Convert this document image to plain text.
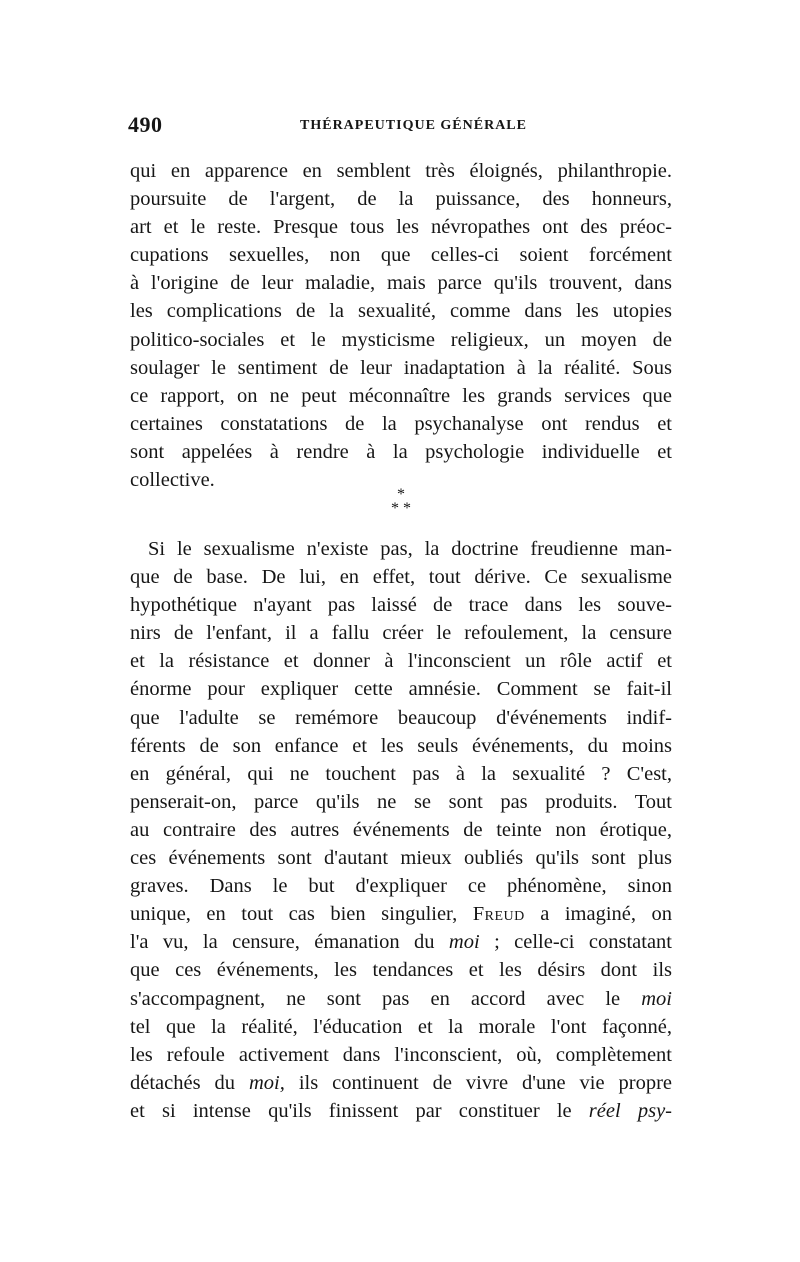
490	THÉRAPEUTIQUE GÉNÉRALE
qui en apparence en semblent très éloignés, philanthropie.
poursuite de l'argent, de la puissance, des honneurs,
art et le reste. Presque tous les névropathes ont des préoc-
cupations sexuelles, non que celles-ci soient forcément
à l'origine de leur maladie, mais parce qu'ils trouvent, dans
les complications de la sexualité, comme dans les utopies
politico-sociales et le mysticisme religieux, un moyen de
soulager le sentiment de leur inadaptation à la réalité. Sous
ce rapport, on ne peut méconnaître les grands services que
certaines constatations de la psychanalyse ont rendus et
sont appelées à rendre à la psychologie individuelle et
collective.
*
* *
Si le sexualisme n'existe pas, la doctrine freudienne man-
que de base. De lui, en effet, tout dérive. Ce sexualisme
hypothétique n'ayant pas laissé de trace dans les souve-
nirs de l'enfant, il a fallu créer le refoulement, la censure
et la résistance et donner à l'inconscient un rôle actif et
énorme pour expliquer cette amnésie. Comment se fait-il
que l'adulte se remémore beaucoup d'événements indif-
férents de son enfance et les seuls événements, du moins
en général, qui ne touchent pas à la sexualité ? C'est,
penserait-on, parce qu'ils ne se sont pas produits. Tout
au contraire des autres événements de teinte non érotique,
ces événements sont d'autant mieux oubliés qu'ils sont plus
graves. Dans le but d'expliquer ce phénomène, sinon
unique, en tout cas bien singulier, Freud a imaginé, on
l'a vu, la censure, émanation du moi ; celle-ci constatant
que ces événements, les tendances et les désirs dont ils
s'accompagnent, ne sont pas en accord avec le moi
tel que la réalité, l'éducation et la morale l'ont façonné,
les refoule activement dans l'inconscient, où, complètement
détachés du moi, ils continuent de vivre d'une vie propre
et si intense qu'ils finissent par constituer le réel psy-
